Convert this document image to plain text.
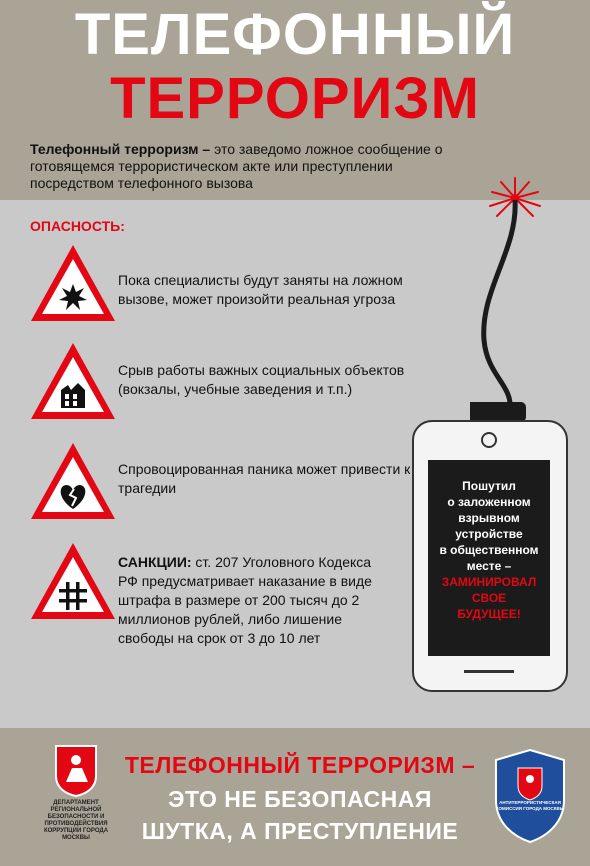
ТЕЛЕФОННЫЙ
ТЕРРОРИЗМ
Телефонный терроризм – это заведомо ложное сообщение о готовящемся террористическом акте или преступлении посредством телефонного вызова
ОПАСНОСТЬ:
Пока специалисты будут заняты на ложном вызове, может произойти реальная угроза
Срыв работы важных социальных объектов (вокзалы, учебные заведения и т.п.)
Спровоцированная паника может привести к трагедии
САНКЦИИ: ст. 207 Уголовного Кодекса РФ предусматривает наказание в виде штрафа в размере от 200 тысяч до 2 миллионов рублей, либо лишение свободы на срок от 3 до 10 лет
Пошутил
о заложенном
взрывном
устройстве
в общественном
месте –
ЗАМИНИРОВАЛ
СВОЕ
БУДУЩЕЕ!
ДЕПАРТАМЕНТ РЕГИОНАЛЬНОЙ БЕЗОПАСНОСТИ И ПРОТИВОДЕЙСТВИЯ КОРРУПЦИИ ГОРОДА МОСКВЫ
ТЕЛЕФОННЫЙ ТЕРРОРИЗМ –
ЭТО НЕ БЕЗОПАСНАЯ
ШУТКА, А ПРЕСТУПЛЕНИЕ
АНТИТЕРРОРИСТИЧЕСКАЯ КОМИССИЯ ГОРОДА МОСКВЫ
